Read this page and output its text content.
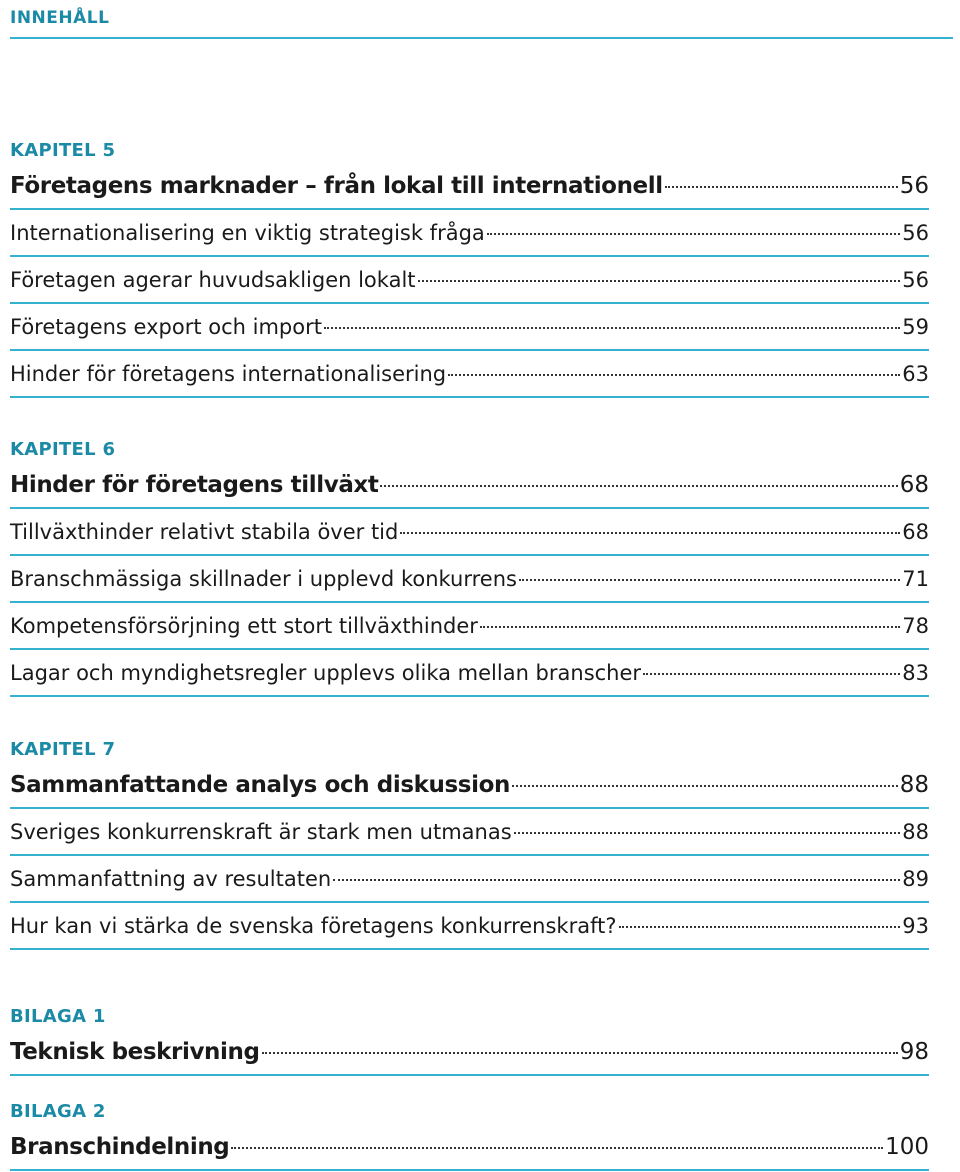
INNEHÅLL
KAPITEL 5
Företagens marknader – från lokal till internationell	56
Internationalisering en viktig strategisk fråga	56
Företagen agerar huvudsakligen lokalt	56
Företagens export och import	59
Hinder för företagens internationalisering	63
KAPITEL 6
Hinder för företagens tillväxt	68
Tillväxthinder relativt stabila över tid	68
Branschmässiga skillnader i upplevd konkurrens	71
Kompetensförsörjning ett stort tillväxthinder	78
Lagar och myndighetsregler upplevs olika mellan branscher	83
KAPITEL 7
Sammanfattande analys och diskussion	88
Sveriges konkurrenskraft är stark men utmanas	88
Sammanfattning av resultaten	89
Hur kan vi stärka de svenska företagens konkurrenskraft?	93
BILAGA 1
Teknisk beskrivning	98
BILAGA 2
Branschindelning	100
